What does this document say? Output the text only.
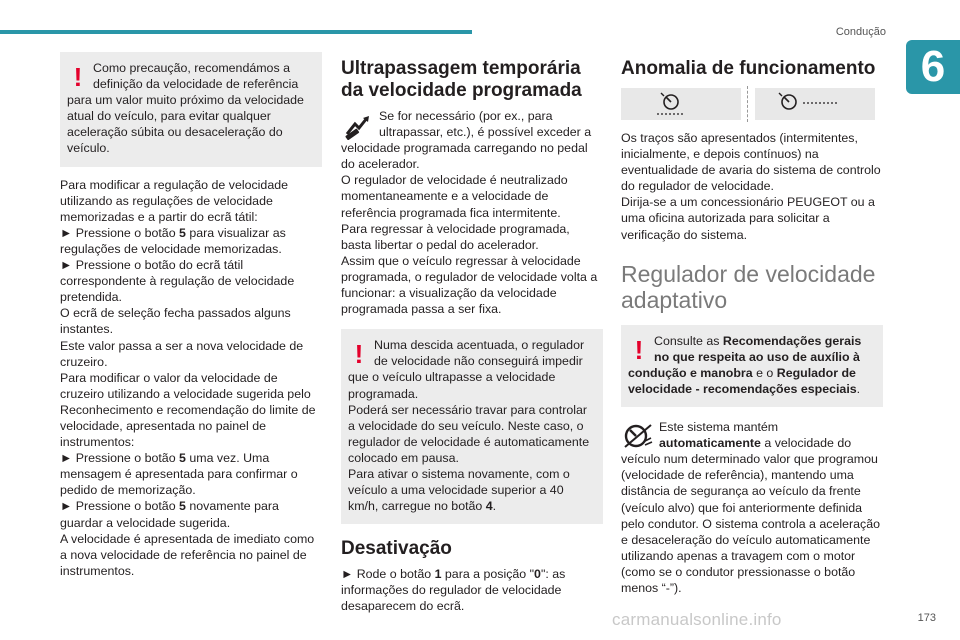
Condução
6
! Como precaução, recomendámos a definição da velocidade de referência para um valor muito próximo da velocidade atual do veículo, para evitar qualquer aceleração súbita ou desaceleração do veículo.

Para modificar a regulação de velocidade utilizando as regulações de velocidade memorizadas e a partir do ecrã tátil:

► Pressione o botão 5 para visualizar as regulações de velocidade memorizadas.

► Pressione o botão do ecrã tátil correspondente à regulação de velocidade pretendida.

O ecrã de seleção fecha passados alguns instantes.

Este valor passa a ser a nova velocidade de cruzeiro.

Para modificar o valor da velocidade de cruzeiro utilizando a velocidade sugerida pelo Reconhecimento e recomendação do limite de velocidade, apresentada no painel de instrumentos:

► Pressione o botão 5 uma vez. Uma mensagem é apresentada para confirmar o pedido de memorização.

► Pressione o botão 5 novamente para guardar a velocidade sugerida.

A velocidade é apresentada de imediato como a nova velocidade de referência no painel de instrumentos.

Ultrapassagem temporária da velocidade programada

Se for necessário (por ex., para ultrapassar, etc.), é possível exceder a velocidade programada carregando no pedal do acelerador.

O regulador de velocidade é neutralizado momentaneamente e a velocidade de referência programada fica intermitente.

Para regressar à velocidade programada, basta libertar o pedal do acelerador.

Assim que o veículo regressar à velocidade programada, o regulador de velocidade volta a funcionar: a visualização da velocidade programada passa a ser fixa.

! Numa descida acentuada, o regulador de velocidade não conseguirá impedir que o veículo ultrapasse a velocidade programada.

Poderá ser necessário travar para controlar a velocidade do seu veículo. Neste caso, o regulador de velocidade é automaticamente colocado em pausa.

Para ativar o sistema novamente, com o veículo a uma velocidade superior a 40 km/h, carregue no botão 4.

Desativação

► Rode o botão 1 para a posição "0": as informações do regulador de velocidade desaparecem do ecrã.

Anomalia de funcionamento

Os traços são apresentados (intermitentes, inicialmente, e depois contínuos) na eventualidade de avaria do sistema de controlo do regulador de velocidade.

Dirija-se a um concessionário PEUGEOT ou a uma oficina autorizada para solicitar a verificação do sistema.

Regulador de velocidade adaptativo
! Consulte as Recomendações gerais no que respeita ao uso de auxílio à condução e manobra e o Regulador de velocidade - recomendações especiais.

Este sistema mantém automaticamente a velocidade do veículo num determinado valor que programou (velocidade de referência), mantendo uma distância de segurança ao veículo da frente (veículo alvo) que foi anteriormente definida pelo condutor. O sistema controla a aceleração e desaceleração do veículo automaticamente utilizando apenas a travagem com o motor (como se o condutor pressionasse o botão menos “-”).

173
carmanualsonline.info
